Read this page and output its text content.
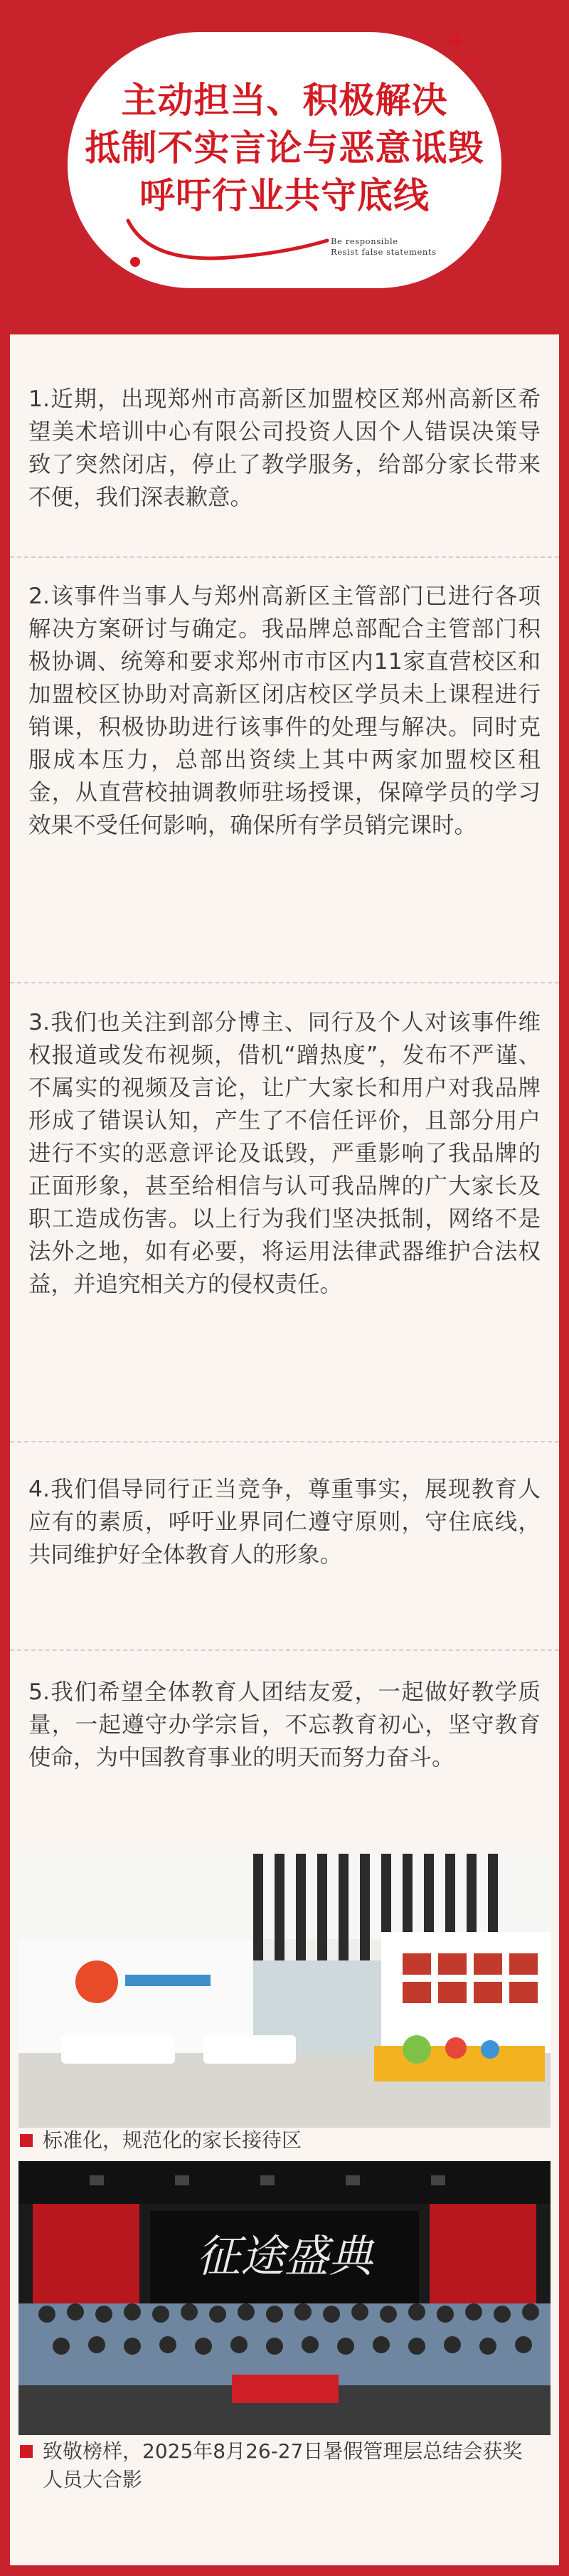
主动担当、积极解决
抵制不实言论与恶意诋毁
呼吁行业共守底线
Be responsible
Resist false statements
1.近期，出现郑州市高新区加盟校区郑州高新区希望美术培训中心有限公司投资人因个人错误决策导致了突然闭店，停止了教学服务，给部分家长带来不便，我们深表歉意。
2.该事件当事人与郑州高新区主管部门已进行各项解决方案研讨与确定。我品牌总部配合主管部门积极协调、统筹和要求郑州市市区内11家直营校区和加盟校区协助对高新区闭店校区学员未上课程进行销课，积极协助进行该事件的处理与解决。同时克服成本压力，总部出资续上其中两家加盟校区租金，从直营校抽调教师驻场授课，保障学员的学习效果不受任何影响，确保所有学员销完课时。
3.我们也关注到部分博主、同行及个人对该事件维权报道或发布视频，借机“蹭热度”，发布不严谨、不属实的视频及言论，让广大家长和用户对我品牌形成了错误认知，产生了不信任评价，且部分用户进行不实的恶意评论及诋毁，严重影响了我品牌的正面形象，甚至给相信与认可我品牌的广大家长及职工造成伤害。以上行为我们坚决抵制，网络不是法外之地，如有必要，将运用法律武器维护合法权益，并追究相关方的侵权责任。
4.我们倡导同行正当竞争，尊重事实，展现教育人应有的素质，呼吁业界同仁遵守原则，守住底线，共同维护好全体教育人的形象。
5.我们希望全体教育人团结友爱，一起做好教学质量，一起遵守办学宗旨，不忘教育初心，坚守教育使命，为中国教育事业的明天而努力奋斗。
标准化，规范化的家长接待区
征途盛典
致敬榜样，2025年8月26-27日暑假管理层总结会获奖人员大合影
